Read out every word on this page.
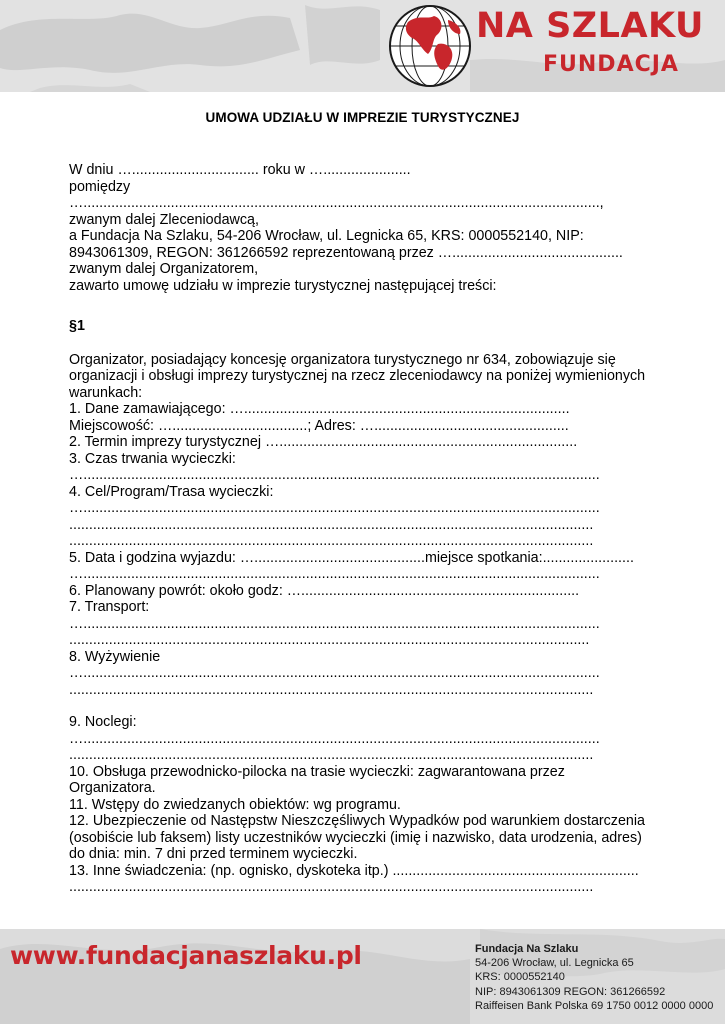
NA SZLAKU
FUNDACJA
UMOWA UDZIAŁU W IMPREZIE TURYSTYCZNEJ
W dniu …................................ roku w …......................
pomiędzy
…..................................................................................................................................,
zwanym dalej Zleceniodawcą,
a Fundacja Na Szlaku, 54-206 Wrocław, ul. Legnicka 65, KRS: 0000552140, NIP:
8943061309, REGON: 361266592 reprezentowaną przez …...........................................
zwanym dalej Organizatorem,
zawarto umowę udziału w imprezie turystycznej następującej treści:
§1
Organizator, posiadający koncesję organizatora turystycznego nr 634, zobowiązuje się organizacji i obsługi imprezy turystycznej na rzecz zleceniodawcy na poniżej wymienionych warunkach:
1. Dane zamawiającego: …..................................................................................
Miejscowość: …..................................; Adres: ….................................................
2. Termin imprezy turystycznej …...........................................................................
3. Czas trwania wycieczki:
…..................................................................................................................................
4. Cel/Program/Trasa wycieczki:
…..................................................................................................................................
....................................................................................................................................
....................................................................................................................................
5. Data i godzina wyjazdu: …...........................................miejsce spotkania:.......................
…..................................................................................................................................
6. Planowany powrót: około godz: …......................................................................
7. Transport:
…..................................................................................................................................
...................................................................................................................................
8. Wyżywienie
…..................................................................................................................................
....................................................................................................................................
9. Noclegi:
…..................................................................................................................................
....................................................................................................................................
10. Obsługa przewodnicko-pilocka na trasie wycieczki: zagwarantowana przez Organizatora.
11. Wstępy do zwiedzanych obiektów: wg programu.
12. Ubezpieczenie od Następstw Nieszczęśliwych Wypadków pod warunkiem dostarczenia (osobiście lub faksem) listy uczestników wycieczki (imię i nazwisko, data urodzenia, adres) do dnia: min. 7 dni przed terminem wycieczki.
13. Inne świadczenia: (np. ognisko, dyskoteka itp.) ..............................................................
....................................................................................................................................
www.fundacjanaszlaku.pl	Fundacja Na Szlaku
54-206 Wrocław, ul. Legnicka 65
KRS: 0000552140
NIP: 8943061309 REGON: 361266592
Raiffeisen Bank Polska 69 1750 0012 0000 0000
